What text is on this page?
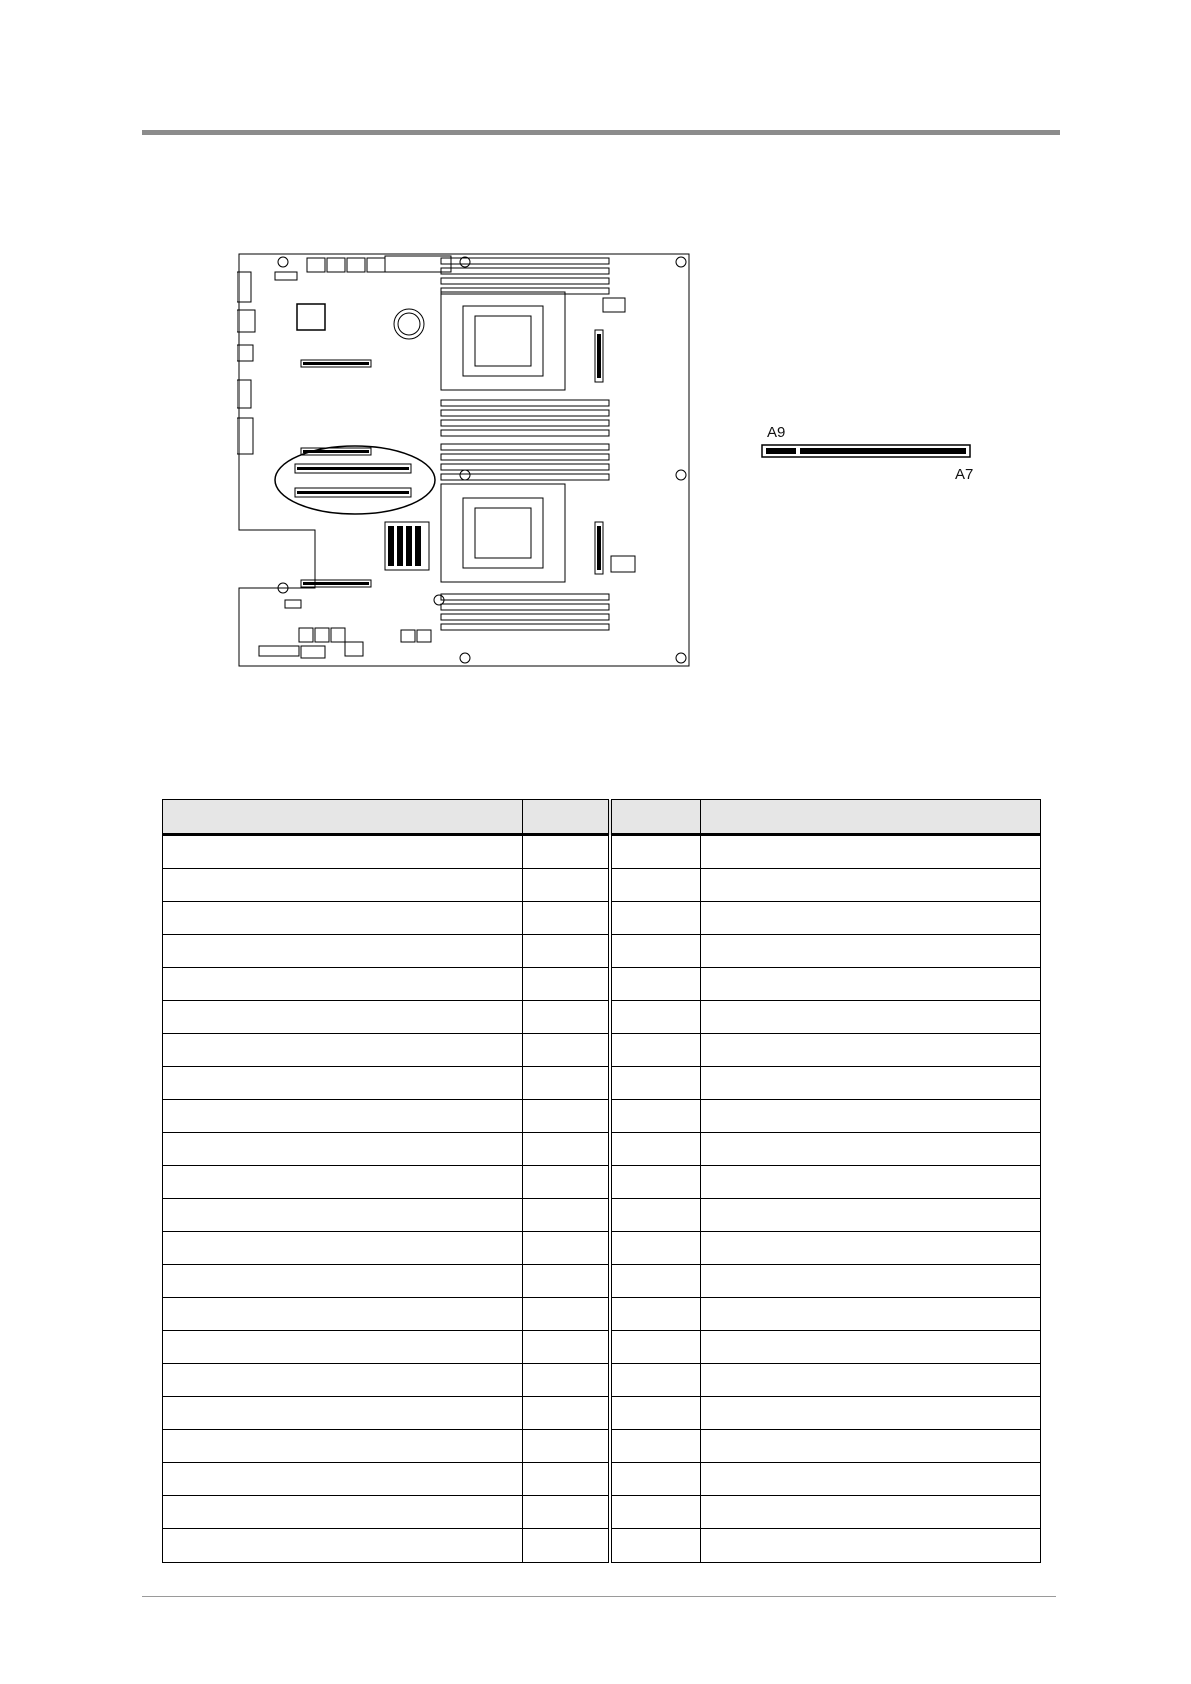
A9
A7
